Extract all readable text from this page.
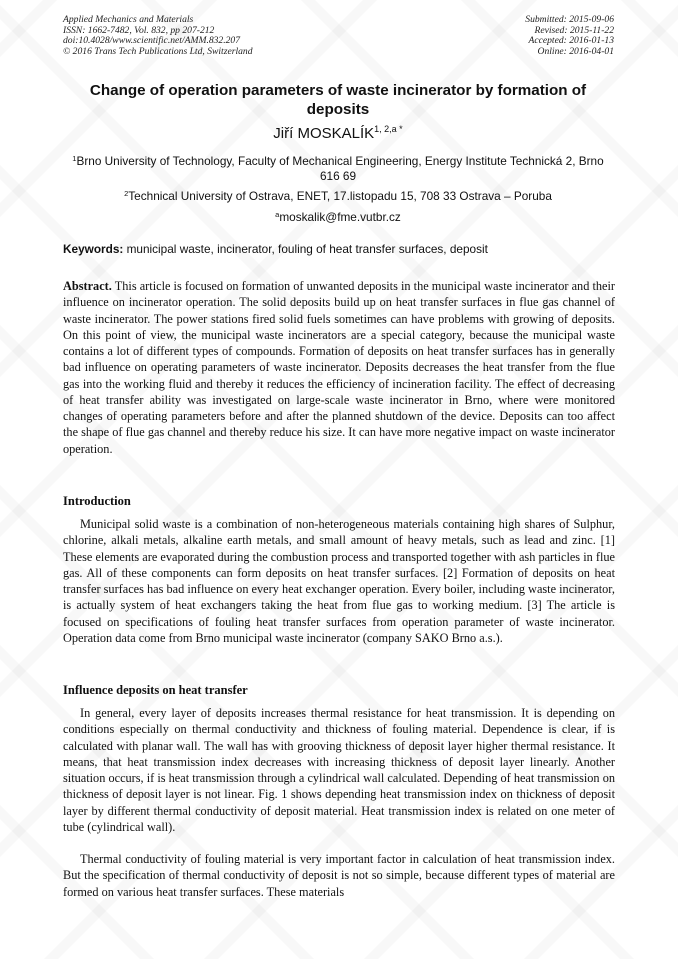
Applied Mechanics and Materials
ISSN: 1662-7482, Vol. 832, pp 207-212
doi:10.4028/www.scientific.net/AMM.832.207
© 2016 Trans Tech Publications Ltd, Switzerland
Submitted: 2015-09-06
Revised: 2015-11-22
Accepted: 2016-01-13
Online: 2016-04-01
Change of operation parameters of waste incinerator by formation of deposits
Jiří $MOSKALÍK^{1, 2,a *}$
$^1$Brno University of Technology, Faculty of Mechanical Engineering, Energy Institute Technická 2, Brno 616 69
$^2$Technical University of Ostrava, ENET, 17.listopadu 15, 708 33 Ostrava – Poruba
$^a$moskalik@fme.vutbr.cz
Keywords: municipal waste, incinerator, fouling of heat transfer surfaces, deposit

Abstract. This article is focused on formation of unwanted deposits in the municipal waste incinerator and their influence on incinerator operation. The solid deposits build up on heat transfer surfaces in flue gas channel of waste incinerator. The power stations fired solid fuels sometimes can have problems with growing of deposits. On this point of view, the municipal waste incinerators are a special category, because the municipal waste contains a lot of different types of compounds. Formation of deposits on heat transfer surfaces has in generally bad influence on operating parameters of waste incinerator. Deposits decreases the heat transfer from the flue gas into the working fluid and thereby it reduces the efficiency of incineration facility. The effect of decreasing of heat transfer ability was investigated on large-scale waste incinerator in Brno, where were monitored changes of operating parameters before and after the planned shutdown of the device. Deposits can too affect the shape of flue gas channel and thereby reduce his size. It can have more negative impact on waste incinerator operation.

Introduction

Municipal solid waste is a combination of non-heterogeneous materials containing high shares of Sulphur, chlorine, alkali metals, alkaline earth metals, and small amount of heavy metals, such as lead and zinc. [1] These elements are evaporated during the combustion process and transported together with ash particles in flue gas. All of these components can form deposits on heat transfer surfaces. [2] Formation of deposits on heat transfer surfaces has bad influence on every heat exchanger operation. Every boiler, including waste incinerator, is actually system of heat exchangers taking the heat from flue gas to working medium. [3] The article is focused on specifications of fouling heat transfer surfaces from operation parameter of waste incinerator. Operation data come from Brno municipal waste incinerator (company SAKO Brno a.s.).

Influence deposits on heat transfer

In general, every layer of deposits increases thermal resistance for heat transmission. It is depending on conditions especially on thermal conductivity and thickness of fouling material. Dependence is clear, if is calculated with planar wall. The wall has with grooving thickness of deposit layer higher thermal resistance. It means, that heat transmission index decreases with increasing thickness of deposit layer linearly. Another situation occurs, if is heat transmission through a cylindrical wall calculated. Depending of heat transmission on thickness of deposit layer is not linear. Fig. 1 shows depending heat transmission index on thickness of deposit layer by different thermal conductivity of deposit material. Heat transmission index is related on one meter of tube (cylindrical wall).

Thermal conductivity of fouling material is very important factor in calculation of heat transmission index. But the specification of thermal conductivity of deposit is not so simple, because different types of material are formed on various heat transfer surfaces. These materials
